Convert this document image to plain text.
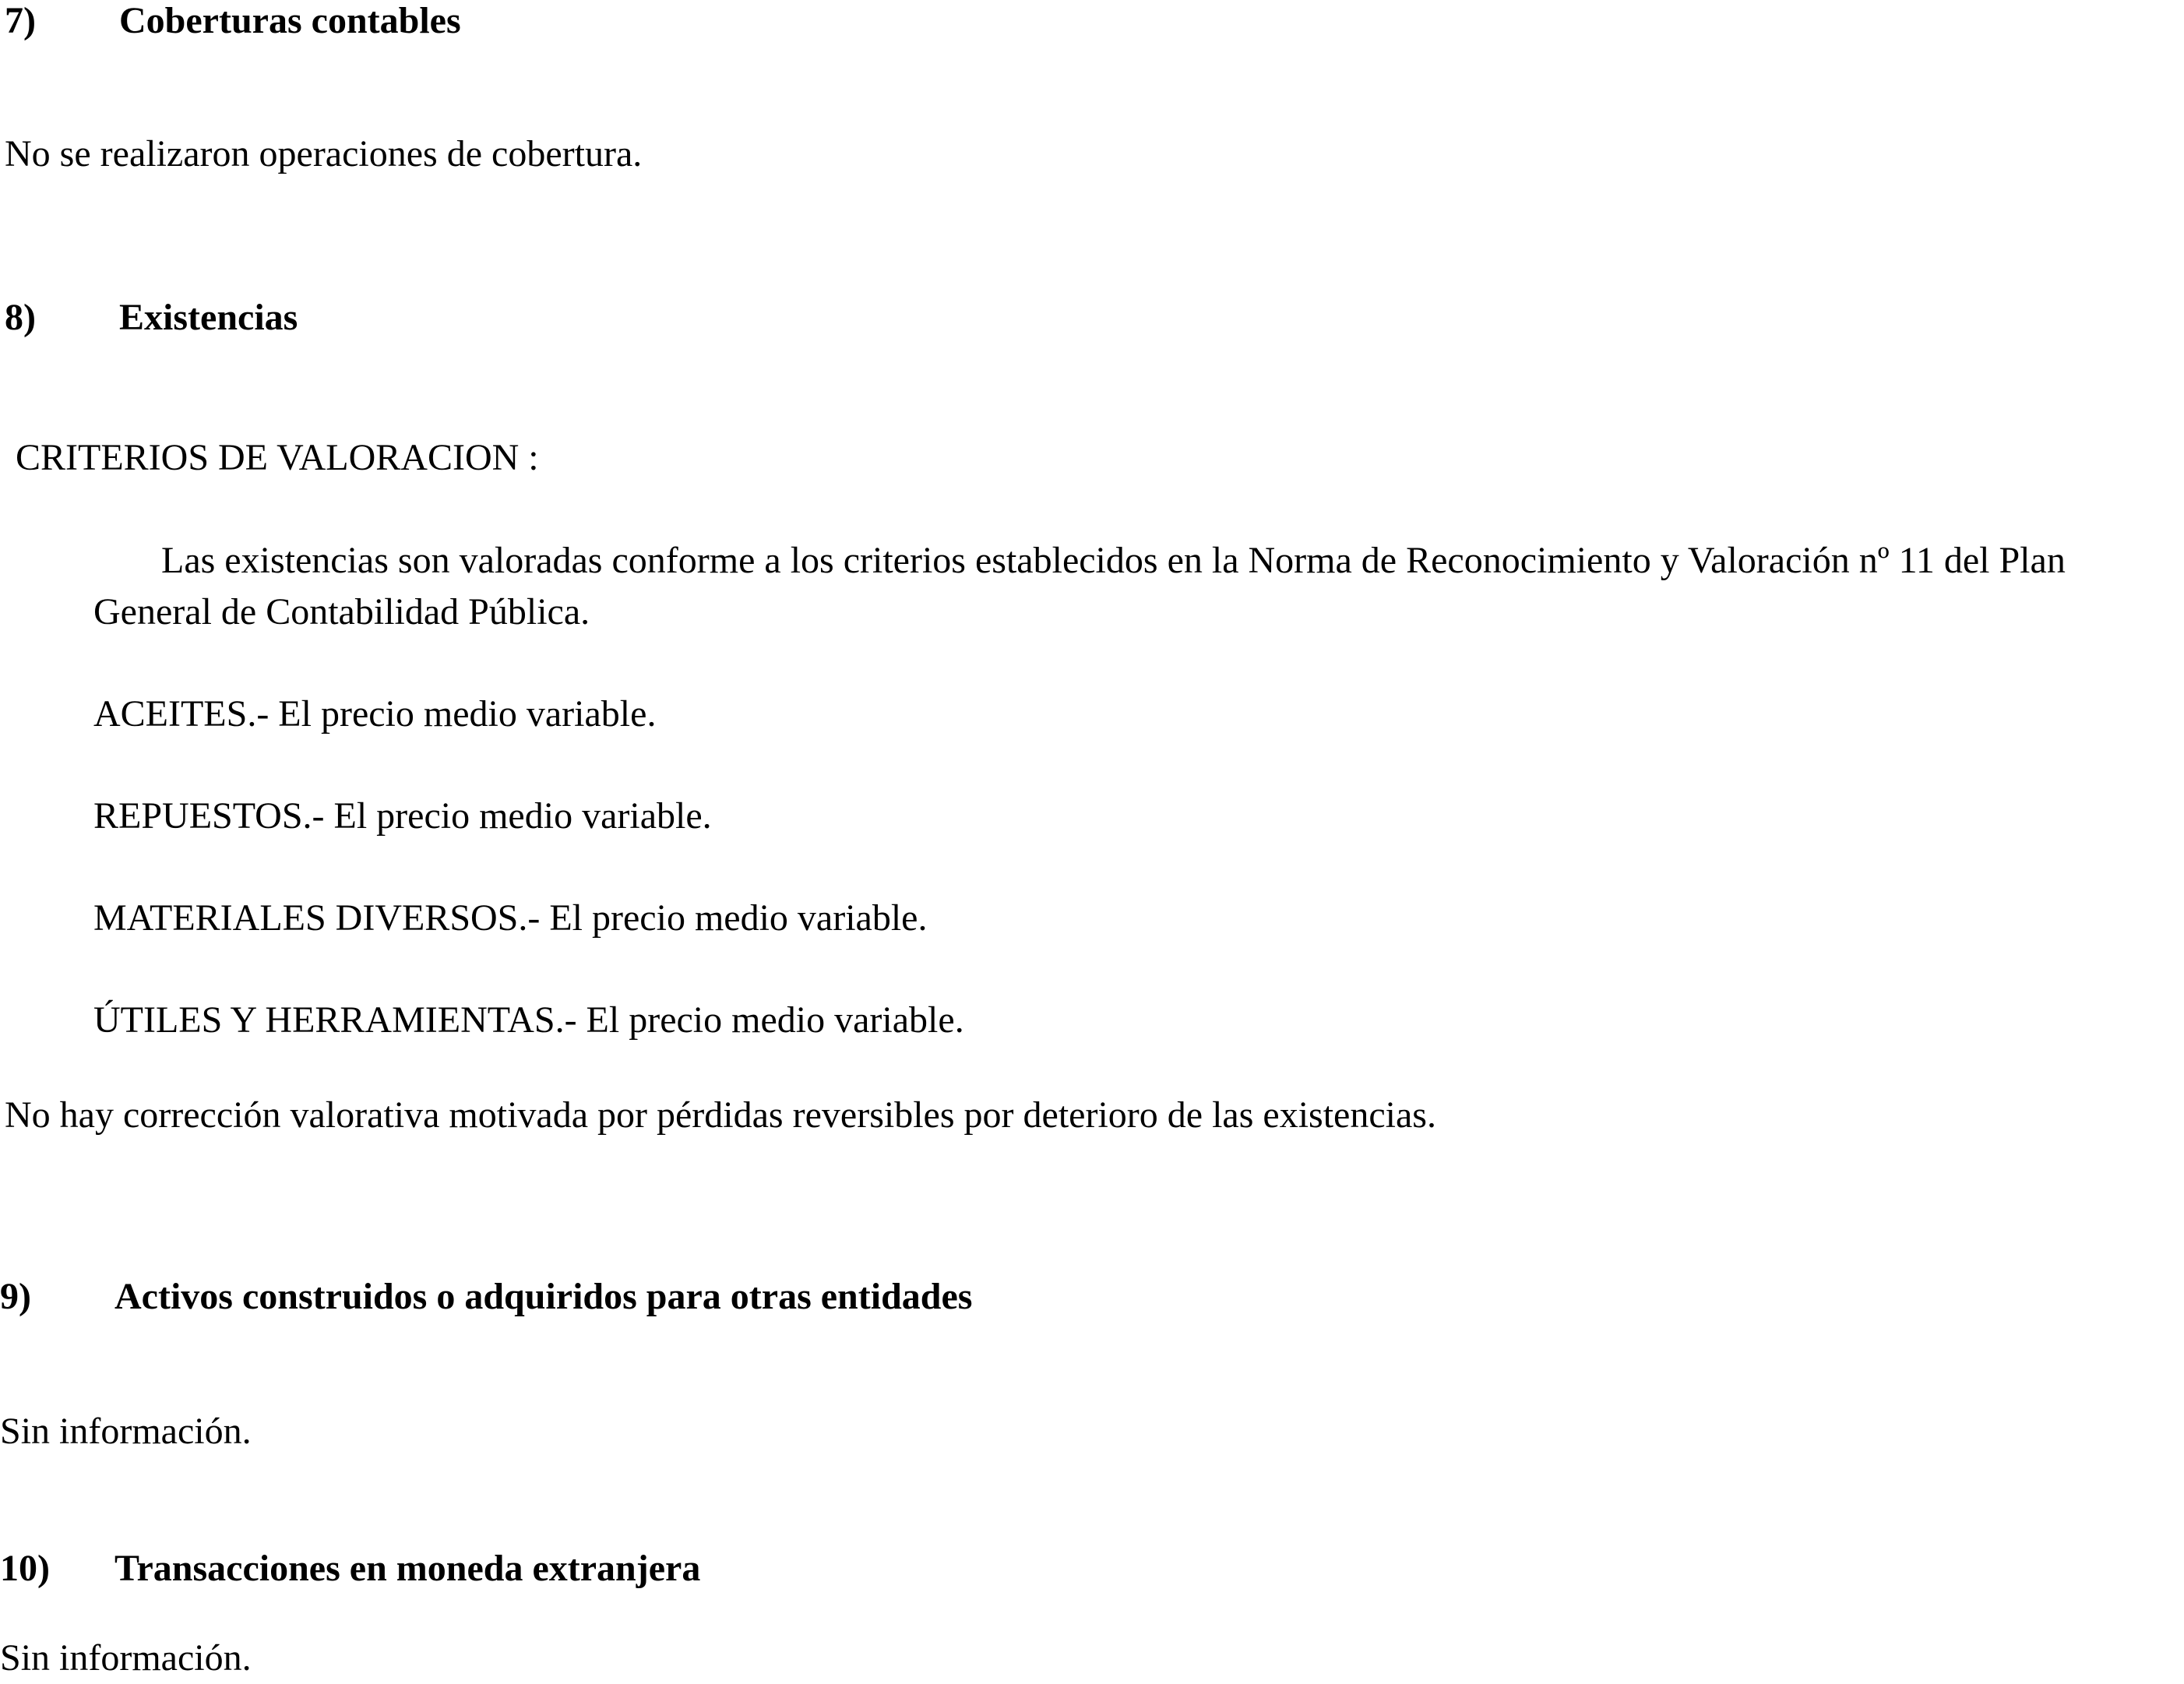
7) Coberturas contables
No se realizaron operaciones de cobertura.
8) Existencias
CRITERIOS DE VALORACION :
Las existencias son valoradas conforme a los criterios establecidos en la Norma de Reconocimiento y Valoración nº 11 del Plan
General de Contabilidad Pública.
ACEITES.- El precio medio variable.
REPUESTOS.- El precio medio variable.
MATERIALES DIVERSOS.- El precio medio variable.
ÚTILES Y HERRAMIENTAS.- El precio medio variable.
No hay corrección valorativa motivada por pérdidas reversibles por deterioro de las existencias.
9) Activos construidos o adquiridos para otras entidades
Sin información.
10) Transacciones en moneda extranjera
Sin información.
